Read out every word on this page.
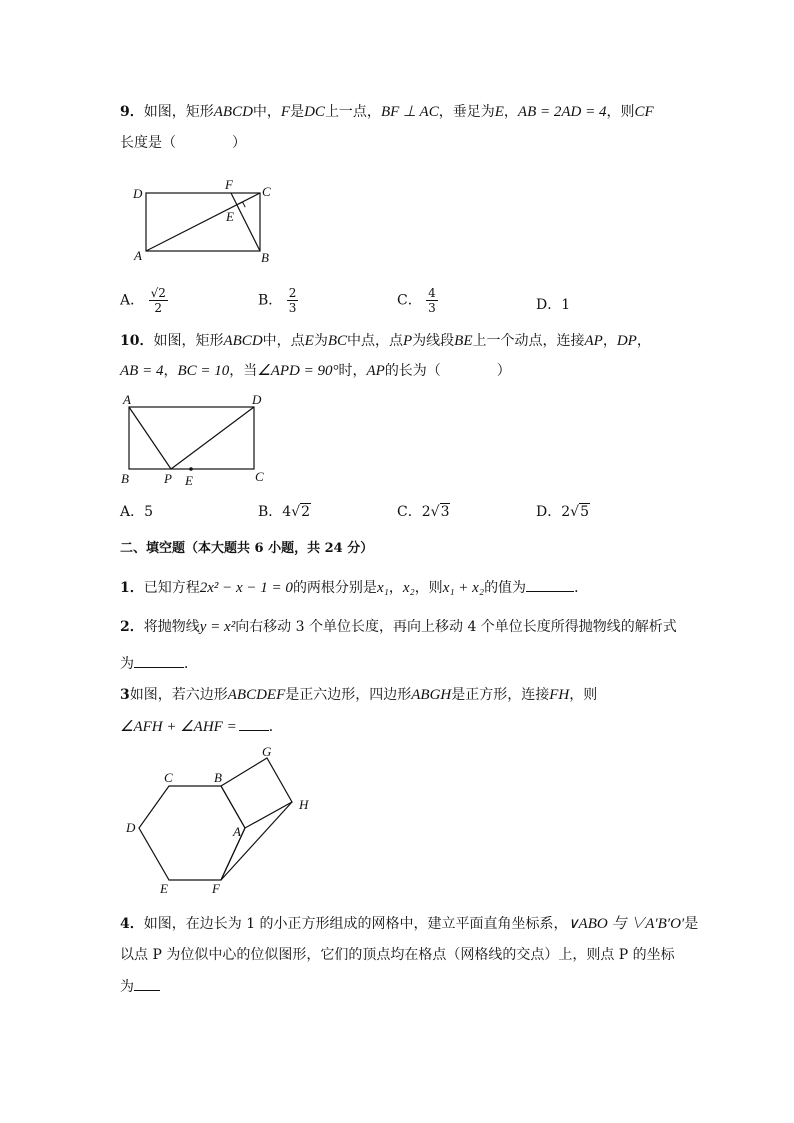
9．如图，矩形ABCD中，F是DC上一点，BF ⊥ AC，垂足为E，AB = 2AD = 4，则CF
长度是（　　　　）
D
F C
E
A	B
A． $\frac{√2}{2}$	B． $\frac{2}{3}$	C． $\frac{4}{3}$	D．1
10．如图，矩形ABCD中，点E为BC中点，点P为线段BE上一个动点，连接AP，DP，
AB = 4，BC = 10，当∠APD = 90°时，AP的长为（　　　　）
A	D
B	P E	C
A．5	B．4√2	C．2√3	D．2√5
二、填空题（本大题共 6 小题，共 24 分）
1．已知方程2x² − x − 1 = 0的两根分别是x₁，x₂，则x₁ + x₂的值为	．
2．将抛物线y = x²向右移动 3 个单位长度，再向上移动 4 个单位长度所得抛物线的解析式
为	．
3如图，若六边形ABCDEF是正六边形，四边形ABGH是正方形，连接FH，则
∠AFH + ∠AHF = ．
C	B
G
H
D	A
E	F
4．如图，在边长为 1 的小正方形组成的网格中，建立平面直角坐标系，∨ABO 与 ∨A′B′O′是
以点 P 为位似中心的位似图形，它们的顶点均在格点（网格线的交点）上，则点 P 的坐标
为
